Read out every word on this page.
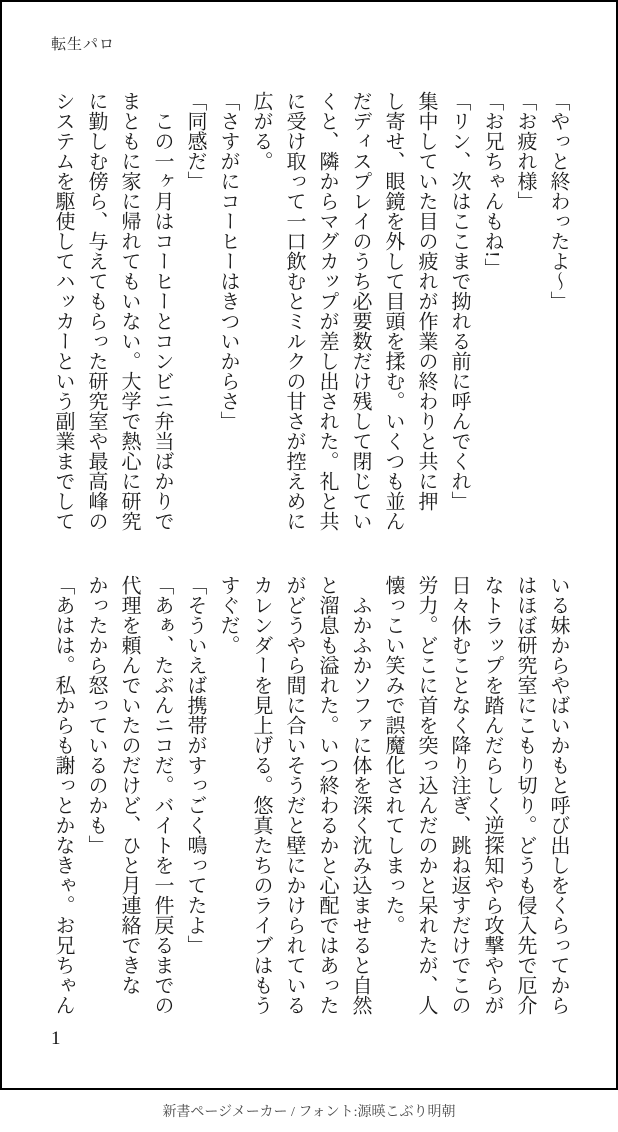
転生パロ
「やっと終わったよ〜」
「お疲れ様」
「お兄ちゃんもね!」
「リン、次はここまで拗れる前に呼んでくれ」
集中していた目の疲れが作業の終わりと共に押
し寄せ、眼鏡を外して目頭を揉む。いくつも並ん
だディスプレイのうち必要数だけ残して閉じてい
くと、隣からマグカップが差し出された。礼と共
に受け取って一口飲むとミルクの甘さが控えめに
広がる。
「さすがにコーヒーはきついからさ」
「同感だ」
　この一ヶ月はコーヒーとコンビニ弁当ばかりで
まともに家に帰れてもいない。大学で熱心に研究
に勤しむ傍ら、与えてもらった研究室や最高峰の
システムを駆使してハッカーという副業までして
いる妹からやばいかもと呼び出しをくらってから
はほぼ研究室にこもり切り。どうも侵入先で厄介
なトラップを踏んだらしく逆探知やら攻撃やらが
日々休むことなく降り注ぎ、跳ね返すだけでこの
労力。どこに首を突っ込んだのかと呆れたが、人
懐っこい笑みで誤魔化されてしまった。
　ふかふかソファに体を深く沈み込ませると自然
と溜息も溢れた。いつ終わるかと心配ではあった
がどうやら間に合いそうだと壁にかけられている
カレンダーを見上げる。悠真たちのライブはもう
すぐだ。
「そういえば携帯がすっごく鳴ってたよ」
「あぁ、たぶんニコだ。バイトを一件戻るまでの
代理を頼んでいたのだけど、ひと月連絡できな
かったから怒っているのかも」
「あはは。私からも謝っとかなきゃ。お兄ちゃん
1
新書ページメーカー / フォント:源暎こぶり明朝
